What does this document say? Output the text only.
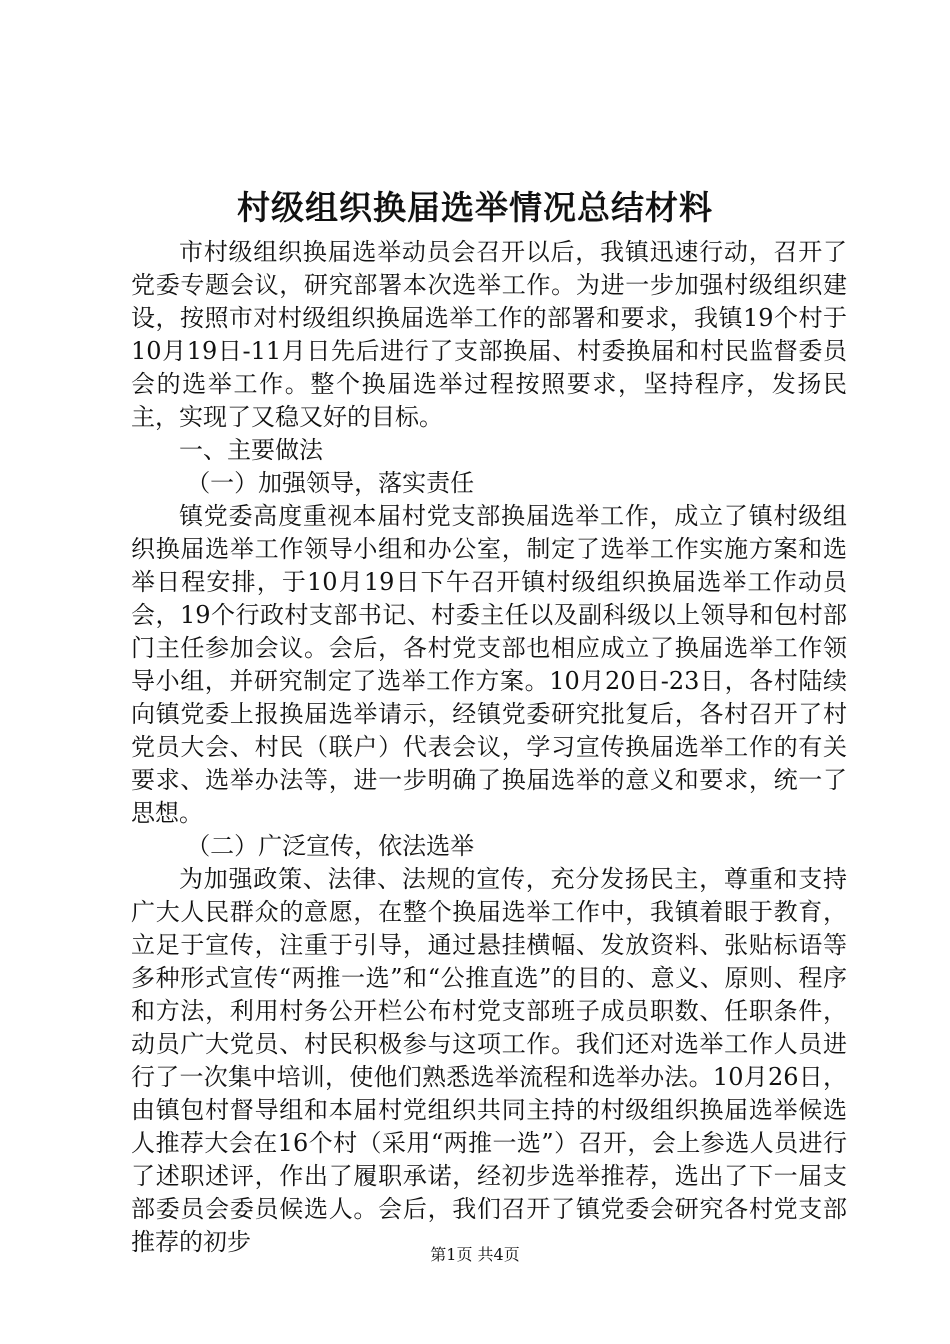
村级组织换届选举情况总结材料

市村级组织换届选举动员会召开以后，我镇迅速行动，召开了党委专题会议，研究部署本次选举工作。为进一步加强村级组织建设，按照市对村级组织换届选举工作的部署和要求，我镇19个村于10月19日-11月日先后进行了支部换届、村委换届和村民监督委员会的选举工作。整个换届选举过程按照要求，坚持程序，发扬民主，实现了又稳又好的目标。

一、主要做法

（一）加强领导，落实责任

镇党委高度重视本届村党支部换届选举工作，成立了镇村级组织换届选举工作领导小组和办公室，制定了选举工作实施方案和选举日程安排，于10月19日下午召开镇村级组织换届选举工作动员会，19个行政村支部书记、村委主任以及副科级以上领导和包村部门主任参加会议。会后，各村党支部也相应成立了换届选举工作领导小组，并研究制定了选举工作方案。10月20日-23日，各村陆续向镇党委上报换届选举请示，经镇党委研究批复后，各村召开了村党员大会、村民（联户）代表会议，学习宣传换届选举工作的有关要求、选举办法等，进一步明确了换届选举的意义和要求，统一了思想。

（二）广泛宣传，依法选举

为加强政策、法律、法规的宣传，充分发扬民主，尊重和支持广大人民群众的意愿，在整个换届选举工作中，我镇着眼于教育，立足于宣传，注重于引导，通过悬挂横幅、发放资料、张贴标语等多种形式宣传“两推一选”和“公推直选”的目的、意义、原则、程序和方法，利用村务公开栏公布村党支部班子成员职数、任职条件，动员广大党员、村民积极参与这项工作。我们还对选举工作人员进行了一次集中培训，使他们熟悉选举流程和选举办法。10月26日，由镇包村督导组和本届村党组织共同主持的村级组织换届选举候选人推荐大会在16个村（采用“两推一选”）召开，会上参选人员进行了述职述评，作出了履职承诺，经初步选举推荐，选出了下一届支部委员会委员候选人。会后，我们召开了镇党委会研究各村党支部推荐的初步	第1页 共4页
